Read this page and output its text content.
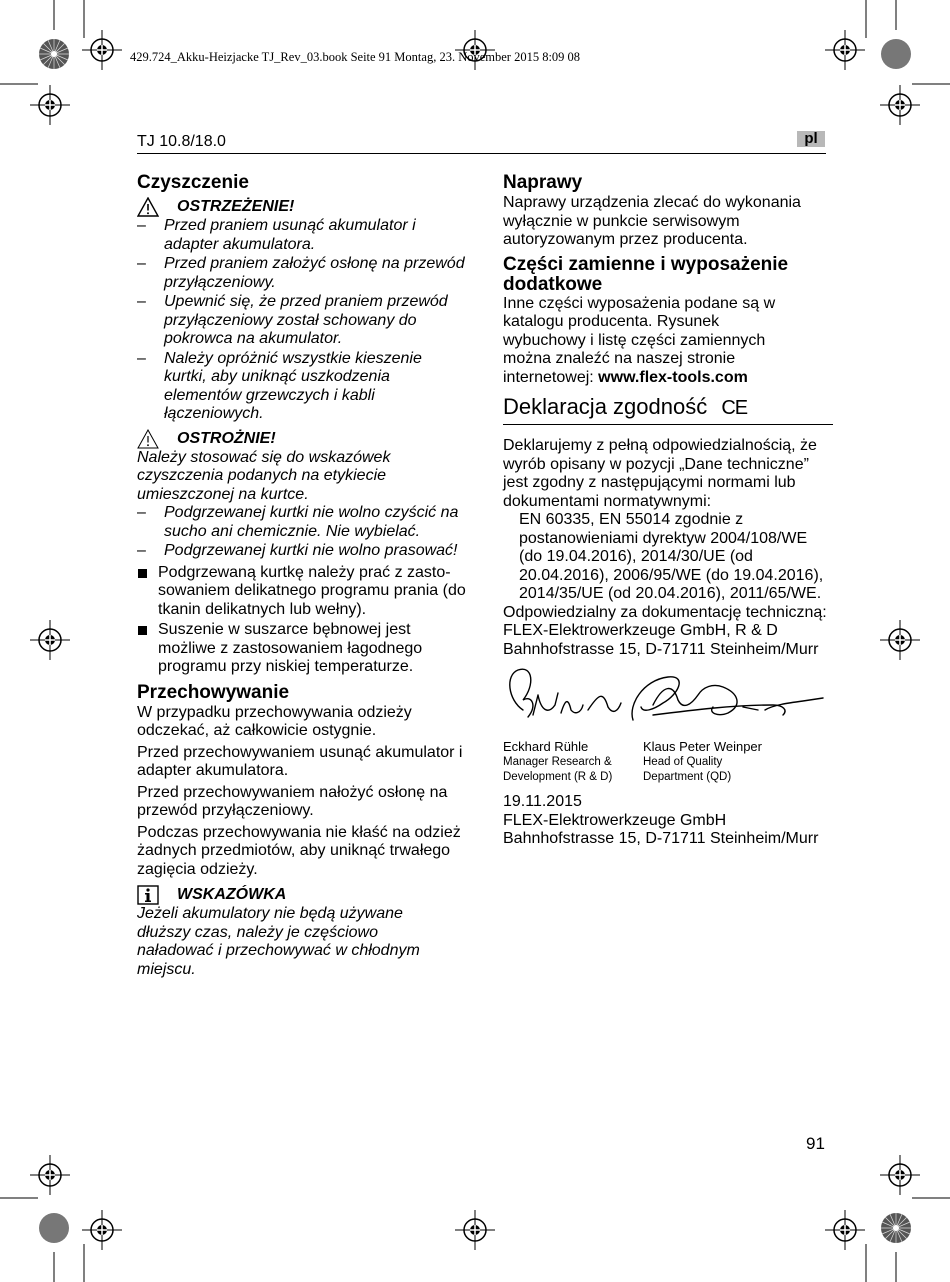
429.724_Akku-Heizjacke TJ_Rev_03.book Seite 91 Montag, 23. November 2015 8:09 08
TJ 10.8/18.0	pl
Czyszczenie
OSTRZEŻENIE!
–	Przed praniem usunąć akumulator i adapter akumulatora.
–	Przed praniem założyć osłonę na przewód przyłączeniowy.
–	Upewnić się, że przed praniem przewód przyłączeniowy został schowany do pokrowca na akumulator.
–	Należy opróżnić wszystkie kieszenie kurtki, aby uniknąć uszkodzenia elementów grzewczych i kabli łączeniowych.
OSTROŻNIE!

Należy stosować się do wskazówek czyszczenia podanych na etykiecie umieszczonej na kurtce.

–	Podgrzewanej kurtki nie wolno czyścić na sucho ani chemicznie. Nie wybielać.
–	Podgrzewanej kurtki nie wolno prasować!
Podgrzewaną kurtkę należy prać z zasto-sowaniem delikatnego programu prania (do tkanin delikatnych lub wełny).
Suszenie w suszarce bębnowej jest możliwe z zastosowaniem łagodnego programu przy niskiej temperaturze.
Przechowywanie

W przypadku przechowywania odzieży odczekać, aż całkowicie ostygnie.

Przed przechowywaniem usunąć akumulator i adapter akumulatora.

Przed przechowywaniem nałożyć osłonę na przewód przyłączeniowy.

Podczas przechowywania nie kłaść na odzież żadnych przedmiotów, aby uniknąć trwałego zagięcia odzieży.

WSKAZÓWKA

Jeżeli akumulatory nie będą używane dłuższy czas, należy je częściowo naładować i przechowywać w chłodnym miejscu.

Naprawy

Naprawy urządzenia zlecać do wykonania wyłącznie w punkcie serwisowym autoryzowanym przez producenta.

Części zamienne i wyposażenie dodatkowe

Inne części wyposażenia podane są w katalogu producenta. Rysunek wybuchowy i listę części zamiennych można znaleźć na naszej stronie internetowej: www.flex-tools.com

Deklaracja zgodność CE

Deklarujemy z pełną odpowiedzialnością, że wyrób opisany w pozycji „Dane techniczne” jest zgodny z następującymi normami lub dokumentami normatywnymi:

EN 60335, EN 55014 zgodnie z postanowieniami dyrektyw 2004/108/WE (do 19.04.2016), 2014/30/UE (od 20.04.2016), 2006/95/WE (do 19.04.2016), 2014/35/UE (od 20.04.2016), 2011/65/WE.

Odpowiedzialny za dokumentację techniczną:

FLEX-Elektrowerkzeuge GmbH, R & D

Bahnhofstrasse 15, D-71711 Steinheim/Murr

Eckhard Rühle
Manager Research & Development (R & D)
Klaus Peter Weinper
Head of Quality Department (QD)

19.11.2015

FLEX-Elektrowerkzeuge GmbH

Bahnhofstrasse 15, D-71711 Steinheim/Murr

91
